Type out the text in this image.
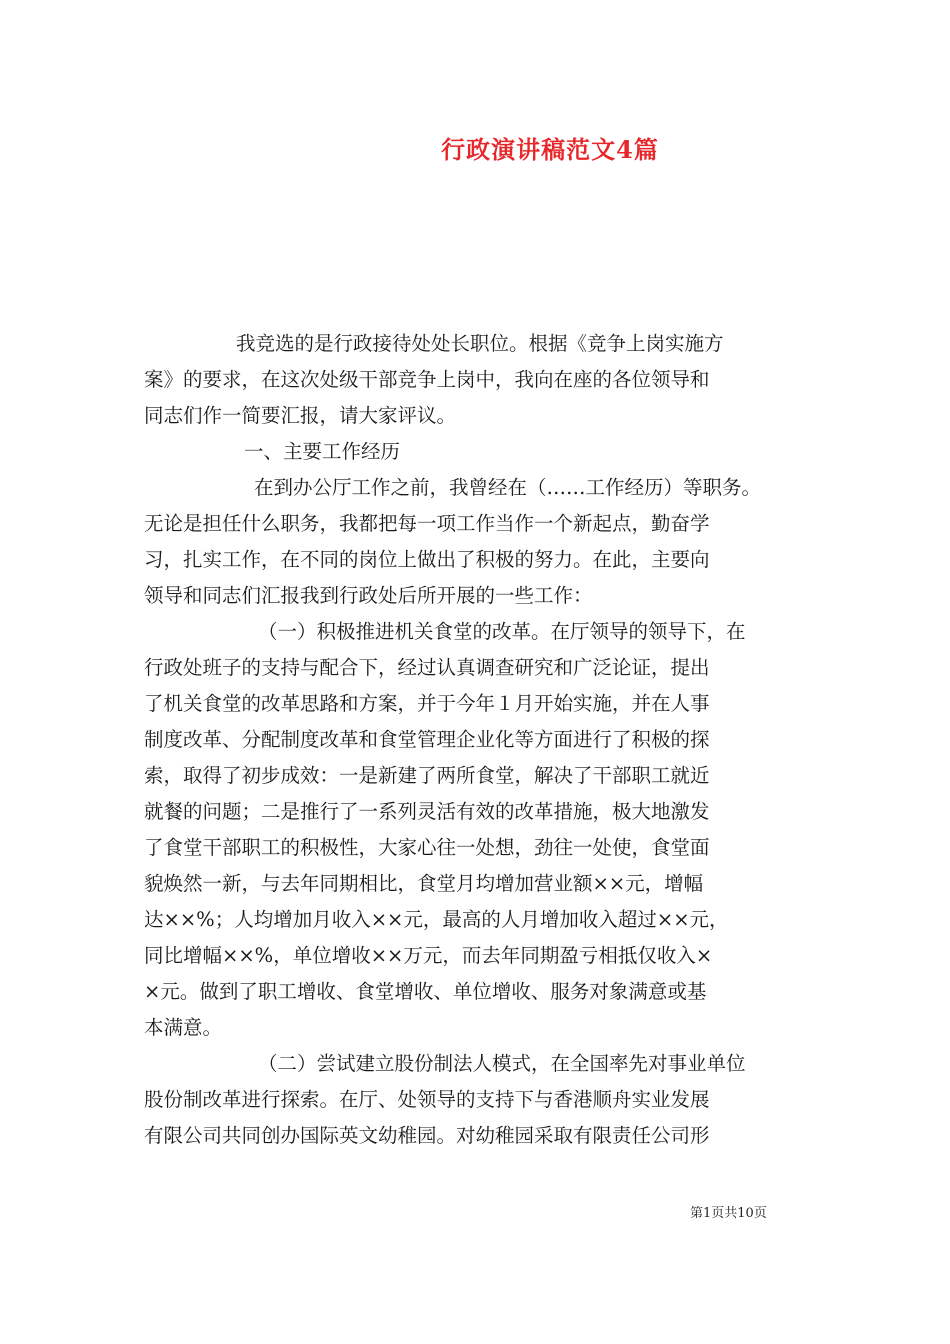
行政演讲稿范文4篇
我竞选的是行政接待处处长职位。根据《竞争上岗实施方
案》的要求，在这次处级干部竞争上岗中，我向在座的各位领导和
同志们作一简要汇报，请大家评议。
一、主要工作经历
在到办公厅工作之前，我曾经在（……工作经历）等职务。
无论是担任什么职务，我都把每一项工作当作一个新起点，勤奋学
习，扎实工作，在不同的岗位上做出了积极的努力。在此，主要向
领导和同志们汇报我到行政处后所开展的一些工作：
（一）积极推进机关食堂的改革。在厅领导的领导下，在
行政处班子的支持与配合下，经过认真调查研究和广泛论证，提出
了机关食堂的改革思路和方案，并于今年１月开始实施，并在人事
制度改革、分配制度改革和食堂管理企业化等方面进行了积极的探
索，取得了初步成效：一是新建了两所食堂，解决了干部职工就近
就餐的问题；二是推行了一系列灵活有效的改革措施，极大地激发
了食堂干部职工的积极性，大家心往一处想，劲往一处使，食堂面
貌焕然一新，与去年同期相比，食堂月均增加营业额××元，增幅
达××%；人均增加月收入××元，最高的人月增加收入超过××元，
同比增幅××%，单位增收××万元，而去年同期盈亏相抵仅收入×
×元。做到了职工增收、食堂增收、单位增收、服务对象满意或基
本满意。
（二）尝试建立股份制法人模式，在全国率先对事业单位
股份制改革进行探索。在厅、处领导的支持下与香港顺舟实业发展
有限公司共同创办国际英文幼稚园。对幼稚园采取有限责任公司形
第1页共10页
